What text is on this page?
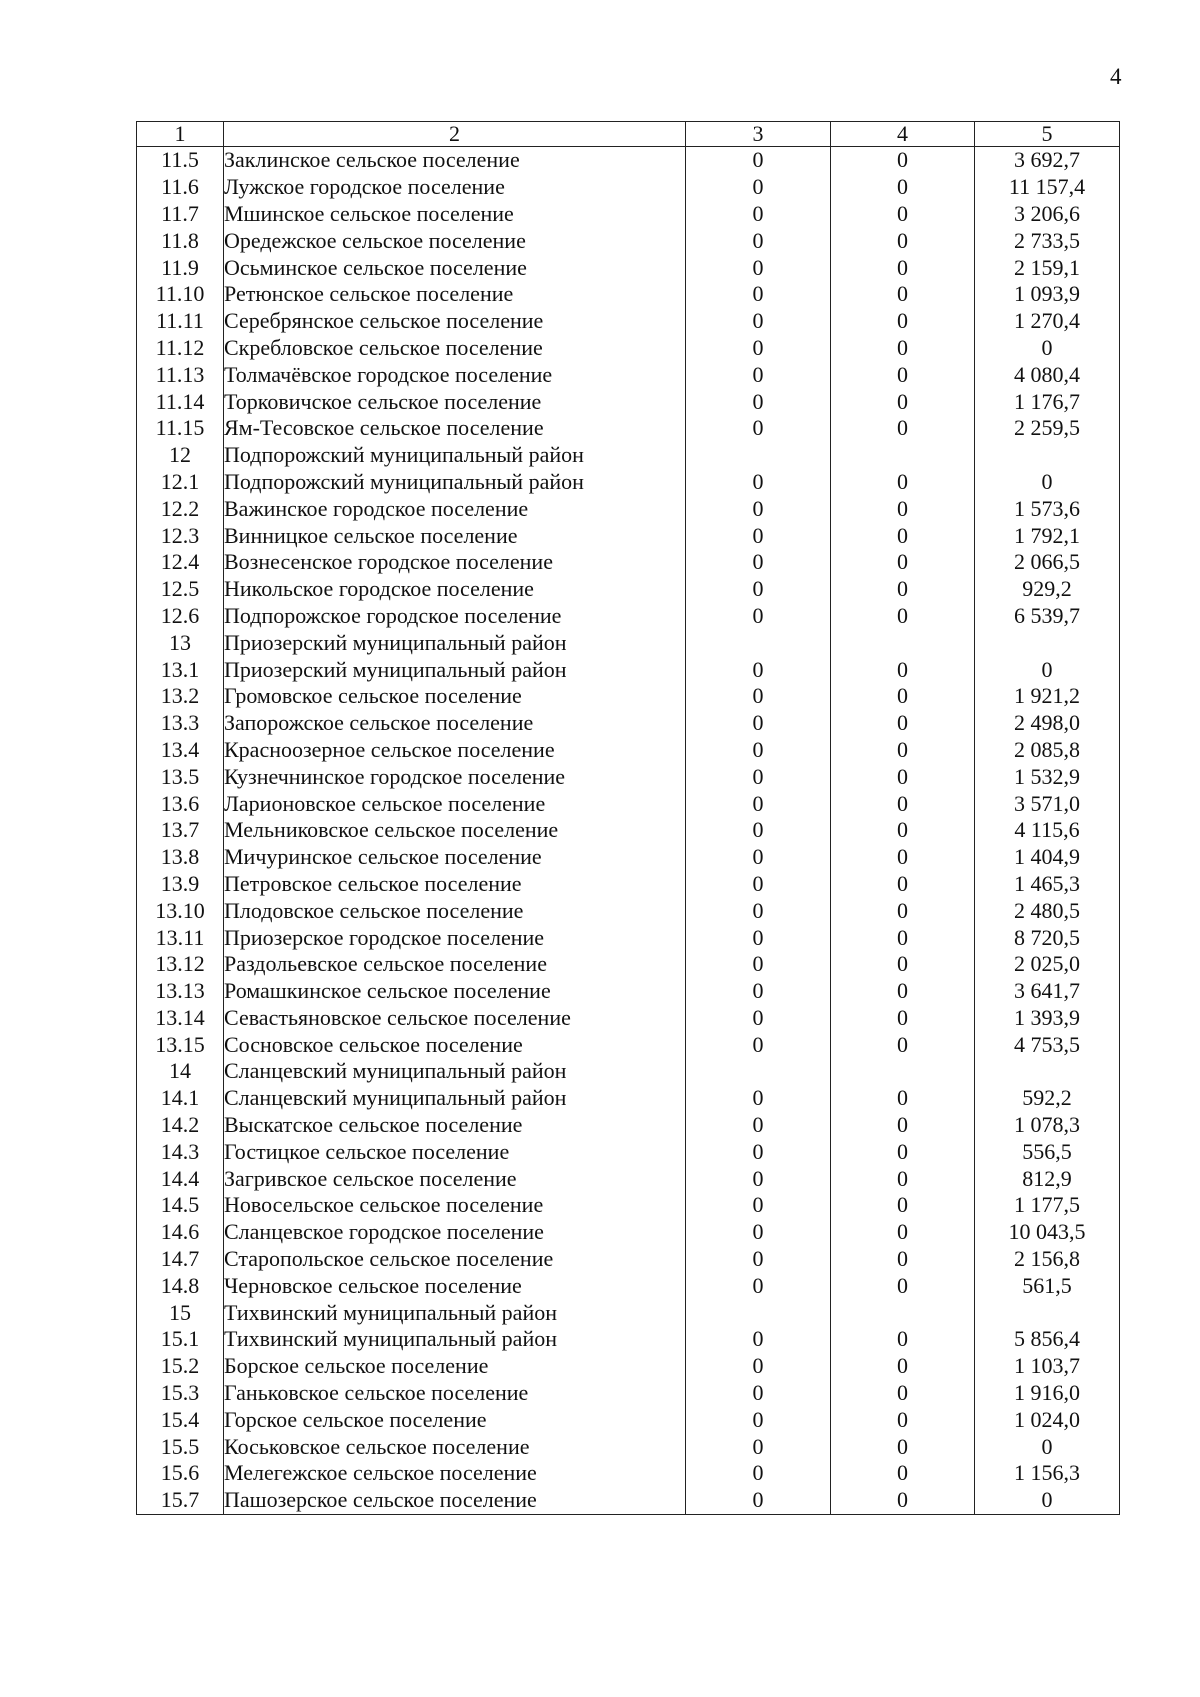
4
1	2	3	4	5
11.5	Заклинское сельское поселение	0	0	3 692,7
11.6	Лужское городское поселение	0	0	11 157,4
11.7	Мшинское сельское поселение	0	0	3 206,6
11.8	Оредежское сельское поселение	0	0	2 733,5
11.9	Осьминское сельское поселение	0	0	2 159,1
11.10	Ретюнское сельское поселение	0	0	1 093,9
11.11	Серебрянское сельское поселение	0	0	1 270,4
11.12	Скребловское сельское поселение	0	0	0
11.13	Толмачёвское городское поселение	0	0	4 080,4
11.14	Торковичское сельское поселение	0	0	1 176,7
11.15	Ям-Тесовское сельское поселение	0	0	2 259,5
12	Подпорожский муниципальный район			
12.1	Подпорожский муниципальный район	0	0	0
12.2	Важинское городское поселение	0	0	1 573,6
12.3	Винницкое сельское поселение	0	0	1 792,1
12.4	Вознесенское городское поселение	0	0	2 066,5
12.5	Никольское городское поселение	0	0	929,2
12.6	Подпорожское городское поселение	0	0	6 539,7
13	Приозерский муниципальный район			
13.1	Приозерский муниципальный район	0	0	0
13.2	Громовское сельское поселение	0	0	1 921,2
13.3	Запорожское сельское поселение	0	0	2 498,0
13.4	Красноозерное сельское поселение	0	0	2 085,8
13.5	Кузнечнинское городское поселение	0	0	1 532,9
13.6	Ларионовское сельское поселение	0	0	3 571,0
13.7	Мельниковское сельское поселение	0	0	4 115,6
13.8	Мичуринское сельское поселение	0	0	1 404,9
13.9	Петровское сельское поселение	0	0	1 465,3
13.10	Плодовское сельское поселение	0	0	2 480,5
13.11	Приозерское городское поселение	0	0	8 720,5
13.12	Раздольевское сельское поселение	0	0	2 025,0
13.13	Ромашкинское сельское поселение	0	0	3 641,7
13.14	Севастьяновское сельское поселение	0	0	1 393,9
13.15	Сосновское сельское поселение	0	0	4 753,5
14	Сланцевский муниципальный район			
14.1	Сланцевский муниципальный район	0	0	592,2
14.2	Выскатское сельское поселение	0	0	1 078,3
14.3	Гостицкое сельское поселение	0	0	556,5
14.4	Загривское сельское поселение	0	0	812,9
14.5	Новосельское сельское поселение	0	0	1 177,5
14.6	Сланцевское городское поселение	0	0	10 043,5
14.7	Старопольское сельское поселение	0	0	2 156,8
14.8	Черновское сельское поселение	0	0	561,5
15	Тихвинский муниципальный район			
15.1	Тихвинский муниципальный район	0	0	5 856,4
15.2	Борское сельское поселение	0	0	1 103,7
15.3	Ганьковское сельское поселение	0	0	1 916,0
15.4	Горское сельское поселение	0	0	1 024,0
15.5	Коськовское сельское поселение	0	0	0
15.6	Мелегежское сельское поселение	0	0	1 156,3
15.7	Пашозерское сельское поселение	0	0	0
